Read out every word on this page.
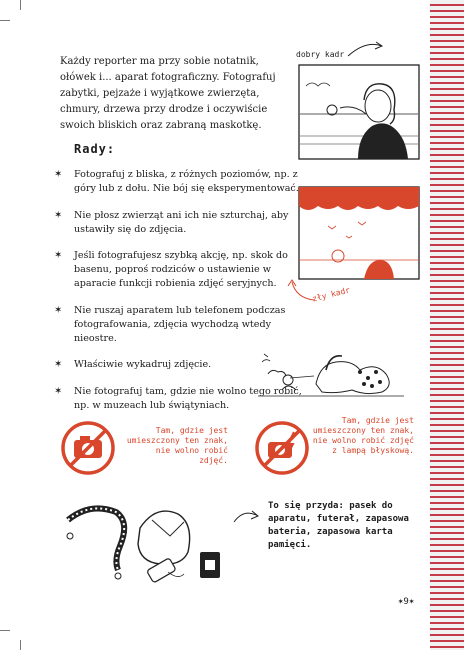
Każdy reporter ma przy sobie notatnik, ołówek i... aparat fotograficzny. Fotografuj zabytki, pejzaże i wyjątkowe zwierzęta, chmury, drzewa przy drodze i oczywiście swoich bliskich oraz zabraną maskotkę.
Rady:
✶ Fotografuj z bliska, z różnych poziomów, np. z góry lub z dołu. Nie bój się eksperymentować.
✶ Nie płosz zwierząt ani ich nie szturchaj, aby ustawiły się do zdjęcia.
✶ Jeśli fotografujesz szybką akcję, np. skok do basenu, poproś rodziców o ustawienie w aparacie funkcji robienia zdjęć seryjnych.
✶ Nie ruszaj aparatem lub telefonem podczas fotografowania, zdjęcia wychodzą wtedy nieostre.
✶ Właściwie wykadruj zdjęcie.
✶ Nie fotografuj tam, gdzie nie wolno tego robić, np. w muzeach lub świątyniach.
dobry kadr
zły kadr
Tam, gdzie jest umieszczony ten znak, nie wolno robić zdjęć.
Tam, gdzie jest umieszczony ten znak, nie wolno robić zdjęć z lampą błyskową.
To się przyda: pasek do aparatu, futerał, zapasowa bateria, zapasowa karta pamięci.
✶9✶
